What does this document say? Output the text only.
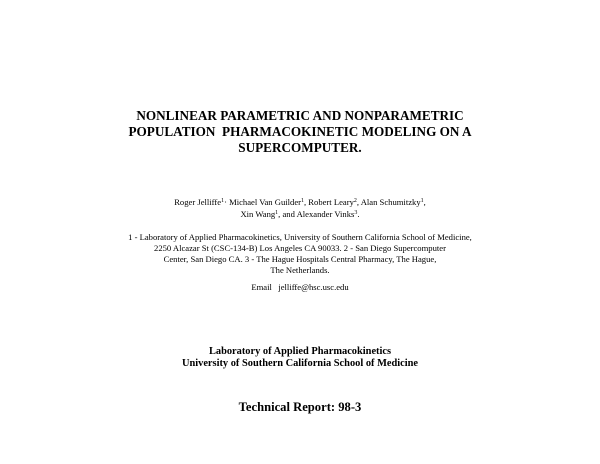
NONLINEAR PARAMETRIC AND NONPARAMETRIC
POPULATION  PHARMACOKINETIC MODELING ON A
SUPERCOMPUTER.
Roger Jelliffe$^1$· Michael Van Guilder$^1$, Robert Leary$^2$, Alan Schumitzky$^1$,
Xin Wang$^1$, and Alexander Vinks$^3$.
1 - Laboratory of Applied Pharmacokinetics, University of Southern California School of Medicine,
2250 Alcazar St (CSC-134-B) Los Angeles CA 90033. 2 - San Diego Supercomputer
Center, San Diego CA. 3 - The Hague Hospitals Central Pharmacy, The Hague,
The Netherlands.
Email jelliffe@hsc.usc.edu
Laboratory of Applied Pharmacokinetics
University of Southern California School of Medicine
Technical Report: 98-3
